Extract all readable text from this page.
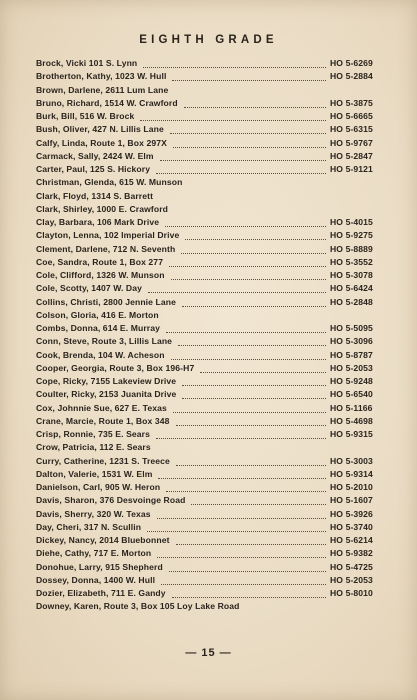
EIGHTH GRADE
Brock, Vicki 101 S. Lynn	HO 5-6269
Brotherton, Kathy, 1023 W. Hull	HO 5-2884
Brown, Darlene, 2611 Lum Lane
Bruno, Richard, 1514 W. Crawford	HO 5-3875
Burk, Bill, 516 W. Brock	HO 5-6665
Bush, Oliver, 427 N. Lillis Lane	HO 5-6315
Calfy, Linda, Route 1, Box 297X	HO 5-9767
Carmack, Sally, 2424 W. Elm	HO 5-2847
Carter, Paul, 125 S. Hickory	HO 5-9121
Christman, Glenda, 615 W. Munson
Clark, Floyd, 1314 S. Barrett
Clark, Shirley, 1000 E. Crawford
Clay, Barbara, 106 Mark Drive	HO 5-4015
Clayton, Lenna, 102 Imperial Drive	HO 5-9275
Clement, Darlene, 712 N. Seventh	HO 5-8889
Coe, Sandra, Route 1, Box 277	HO 5-3552
Cole, Clifford, 1326 W. Munson	HO 5-3078
Cole, Scotty, 1407 W. Day	HO 5-6424
Collins, Christi, 2800 Jennie Lane	HO 5-2848
Colson, Gloria, 416 E. Morton
Combs, Donna, 614 E. Murray	HO 5-5095
Conn, Steve, Route 3, Lillis Lane	HO 5-3096
Cook, Brenda, 104 W. Acheson	HO 5-8787
Cooper, Georgia, Route 3, Box 196-H7	HO 5-2053
Cope, Ricky, 7155 Lakeview Drive	HO 5-9248
Coulter, Ricky, 2153 Juanita Drive	HO 5-6540
Cox, Johnnie Sue, 627 E. Texas	HO 5-1166
Crane, Marcie, Route 1, Box 348	HO 5-4698
Crisp, Ronnie, 735 E. Sears	HO 5-9315
Crow, Patricia, 112 E. Sears
Curry, Catherine, 1231 S. Treece	HO 5-3003
Dalton, Valerie, 1531 W. Elm	HO 5-9314
Danielson, Carl, 905 W. Heron	HO 5-2010
Davis, Sharon, 376 Desvoinge Road	HO 5-1607
Davis, Sherry, 320 W. Texas	HO 5-3926
Day, Cheri, 317 N. Scullin	HO 5-3740
Dickey, Nancy, 2014 Bluebonnet	HO 5-6214
Diehe, Cathy, 717 E. Morton	HO 5-9382
Donohue, Larry, 915 Shepherd	HO 5-4725
Dossey, Donna, 1400 W. Hull	HO 5-2053
Dozier, Elizabeth, 711 E. Gandy	HO 5-8010
Downey, Karen, Route 3, Box 105 Loy Lake Road
— 15 —
